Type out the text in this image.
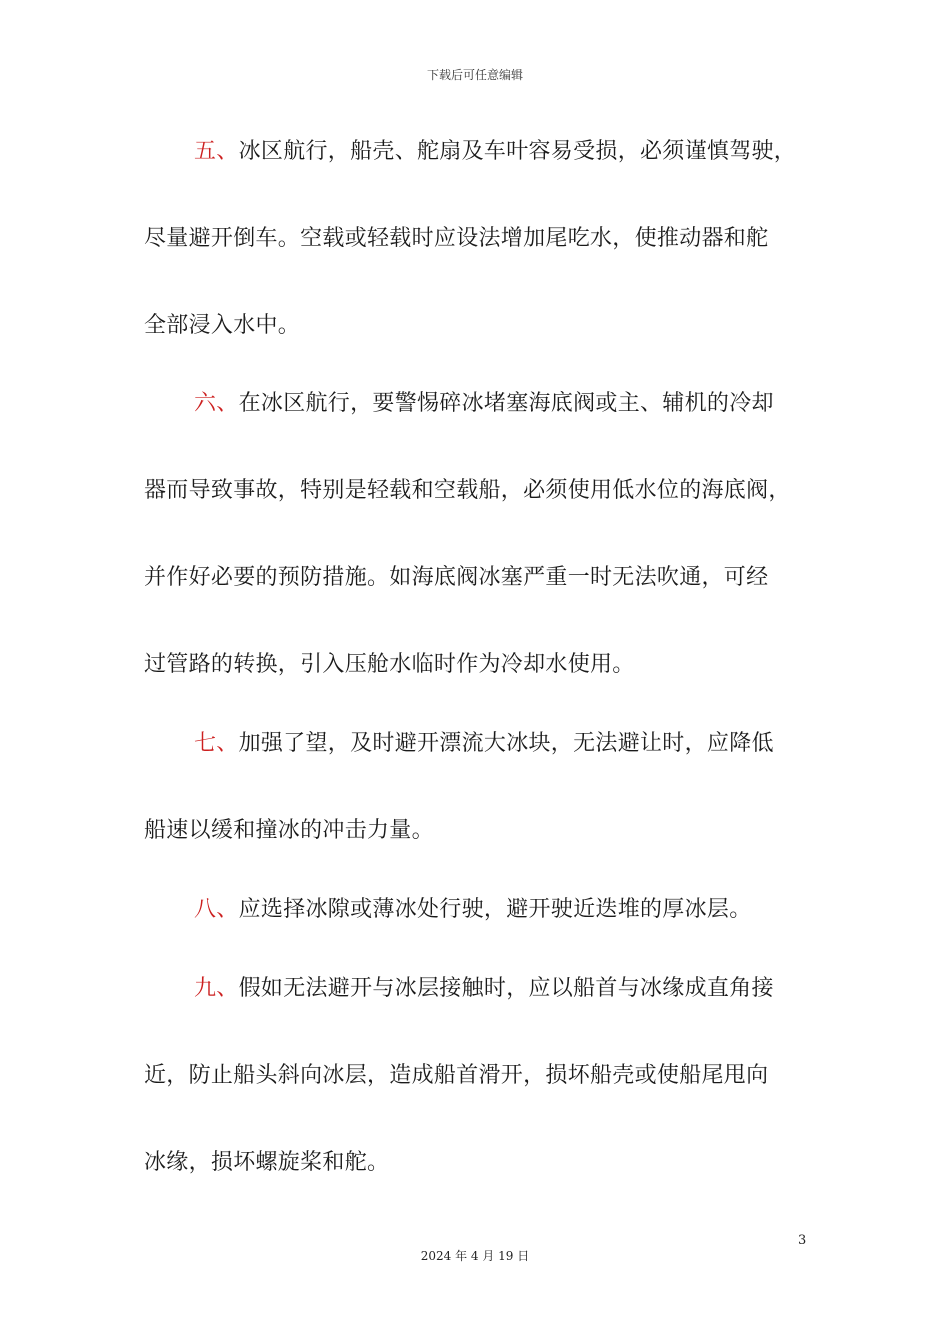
下载后可任意编辑
五、冰区航行，船壳、舵扇及车叶容易受损，必须谨慎驾驶，
尽量避开倒车。空载或轻载时应设法增加尾吃水，使推动器和舵
全部浸入水中。
六、在冰区航行，要警惕碎冰堵塞海底阀或主、辅机的冷却
器而导致事故，特别是轻载和空载船，必须使用低水位的海底阀，
并作好必要的预防措施。如海底阀冰塞严重一时无法吹通，可经
过管路的转换，引入压舱水临时作为冷却水使用。
七、加强了望，及时避开漂流大冰块，无法避让时，应降低
船速以缓和撞冰的冲击力量。
八、应选择冰隙或薄冰处行驶，避开驶近迭堆的厚冰层。
九、假如无法避开与冰层接触时，应以船首与冰缘成直角接
近，防止船头斜向冰层，造成船首滑开，损坏船壳或使船尾甩向
冰缘，损坏螺旋桨和舵。
3
2024 年 4 月 19 日
